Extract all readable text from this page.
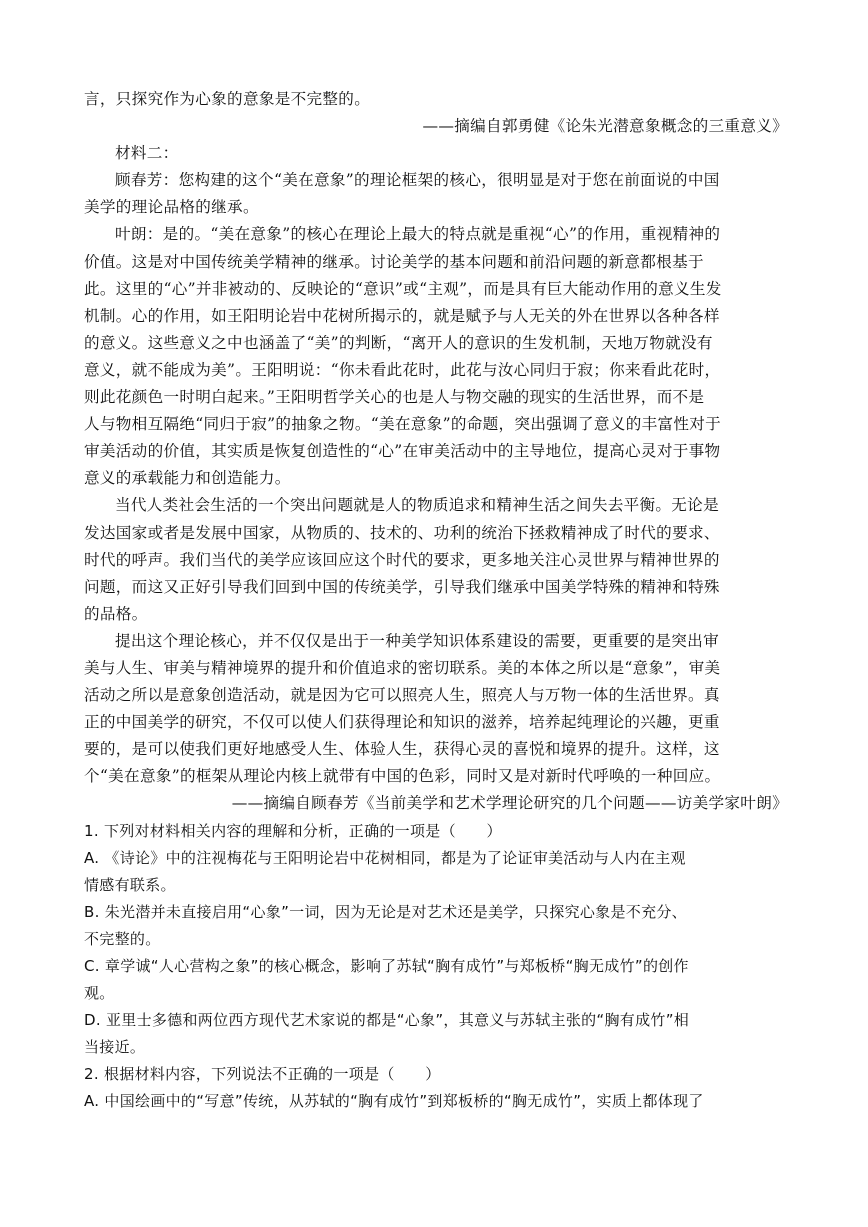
言，只探究作为心象的意象是不完整的。
——摘编自郭勇健《论朱光潜意象概念的三重意义》
材料二：
顾春芳：您构建的这个“美在意象”的理论框架的核心，很明显是对于您在前面说的中国
美学的理论品格的继承。
叶朗：是的。“美在意象”的核心在理论上最大的特点就是重视“心”的作用，重视精神的
价值。这是对中国传统美学精神的继承。讨论美学的基本问题和前沿问题的新意都根基于
此。这里的“心”并非被动的、反映论的“意识”或“主观”，而是具有巨大能动作用的意义生发
机制。心的作用，如王阳明论岩中花树所揭示的，就是赋予与人无关的外在世界以各种各样
的意义。这些意义之中也涵盖了“美”的判断，“离开人的意识的生发机制，天地万物就没有
意义，就不能成为美”。王阳明说：“你未看此花时，此花与汝心同归于寂；你来看此花时，
则此花颜色一时明白起来。”王阳明哲学关心的也是人与物交融的现实的生活世界，而不是
人与物相互隔绝“同归于寂”的抽象之物。“美在意象”的命题，突出强调了意义的丰富性对于
审美活动的价值，其实质是恢复创造性的“心”在审美活动中的主导地位，提高心灵对于事物
意义的承载能力和创造能力。
当代人类社会生活的一个突出问题就是人的物质追求和精神生活之间失去平衡。无论是
发达国家或者是发展中国家，从物质的、技术的、功利的统治下拯救精神成了时代的要求、
时代的呼声。我们当代的美学应该回应这个时代的要求，更多地关注心灵世界与精神世界的
问题，而这又正好引导我们回到中国的传统美学，引导我们继承中国美学特殊的精神和特殊
的品格。
提出这个理论核心，并不仅仅是出于一种美学知识体系建设的需要，更重要的是突出审
美与人生、审美与精神境界的提升和价值追求的密切联系。美的本体之所以是“意象”，审美
活动之所以是意象创造活动，就是因为它可以照亮人生，照亮人与万物一体的生活世界。真
正的中国美学的研究，不仅可以使人们获得理论和知识的滋养，培养起纯理论的兴趣，更重
要的，是可以使我们更好地感受人生、体验人生，获得心灵的喜悦和境界的提升。这样，这
个“美在意象”的框架从理论内核上就带有中国的色彩，同时又是对新时代呼唤的一种回应。
——摘编自顾春芳《当前美学和艺术学理论研究的几个问题——访美学家叶朗》
1. 下列对材料相关内容的理解和分析，正确的一项是（　　）
A. 《诗论》中的注视梅花与王阳明论岩中花树相同，都是为了论证审美活动与人内在主观
情感有联系。
B. 朱光潜并未直接启用“心象”一词，因为无论是对艺术还是美学，只探究心象是不充分、
不完整的。
C. 章学诚“人心营构之象”的核心概念，影响了苏轼“胸有成竹”与郑板桥“胸无成竹”的创作
观。
D. 亚里士多德和两位西方现代艺术家说的都是“心象”，其意义与苏轼主张的“胸有成竹”相
当接近。
2. 根据材料内容，下列说法不正确的一项是（　　）
A. 中国绘画中的“写意”传统，从苏轼的“胸有成竹”到郑板桥的“胸无成竹”，实质上都体现了
